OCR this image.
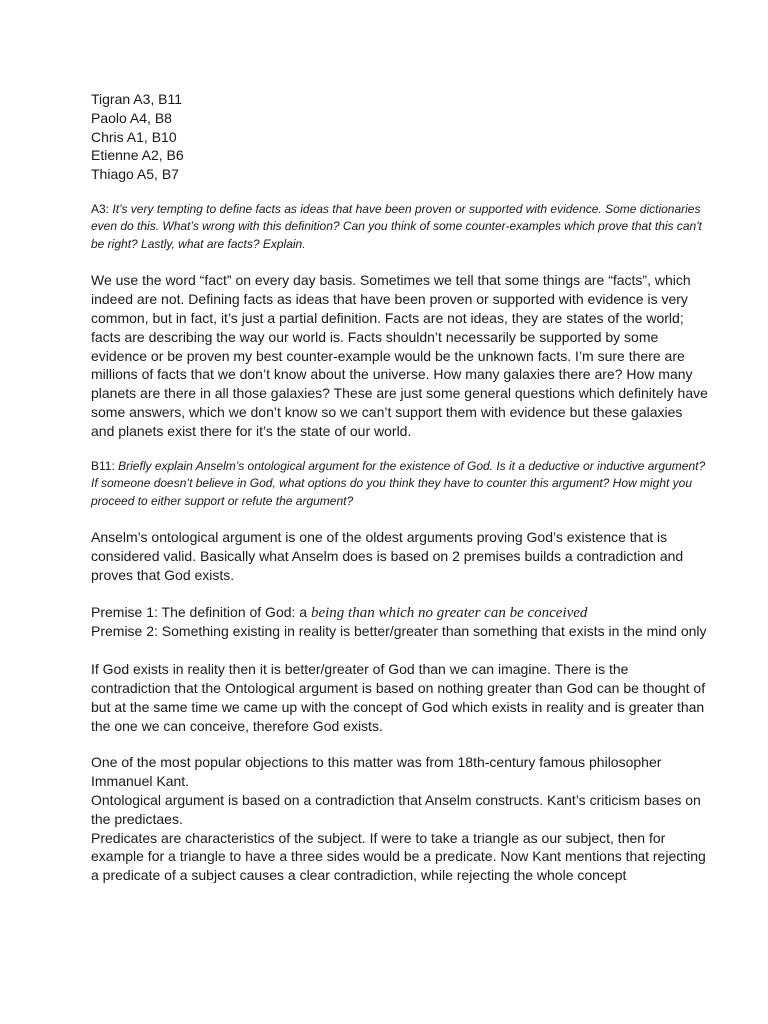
Tigran A3, B11

Paolo A4, B8

Chris A1, B10

Etienne A2, B6

Thiago A5, B7

A3: It’s very tempting to define facts as ideas that have been proven or supported with evidence. Some dictionaries even do this. What’s wrong with this definition? Can you think of some counter-examples which prove that this can't be right? Lastly, what are facts? Explain.

We use the word “fact” on every day basis. Sometimes we tell that some things are “facts”, which indeed are not. Defining facts as ideas that have been proven or supported with evidence is very common, but in fact, it’s just a partial definition. Facts are not ideas, they are states of the world; facts are describing the way our world is. Facts shouldn’t necessarily be supported by some evidence or be proven my best counter-example would be the unknown facts. I’m sure there are millions of facts that we don’t know about the universe. How many galaxies there are? How many planets are there in all those galaxies? These are just some general questions which definitely have some answers, which we don’t know so we can’t support them with evidence but these galaxies and planets exist there for it’s the state of our world.

B11: Briefly explain Anselm’s ontological argument for the existence of God. Is it a deductive or inductive argument? If someone doesn’t believe in God, what options do you think they have to counter this argument? How might you proceed to either support or refute the argument?

Anselm’s ontological argument is one of the oldest arguments proving God’s existence that is considered valid. Basically what Anselm does is based on 2 premises builds a contradiction and proves that God exists.

Premise 1: The definition of God: a being than which no greater can be conceived

Premise 2: Something existing in reality is better/greater than something that exists in the mind only

If God exists in reality then it is better/greater of God than we can imagine. There is the contradiction that the Ontological argument is based on nothing greater than God can be thought of but at the same time we came up with the concept of God which exists in reality and is greater than the one we can conceive, therefore God exists.

One of the most popular objections to this matter was from 18th-century famous philosopher Immanuel Kant.

Ontological argument is based on a contradiction that Anselm constructs. Kant’s criticism bases on the predictaes.

Predicates are characteristics of the subject. If were to take a triangle as our subject, then for example for a triangle to have a three sides would be a predicate. Now Kant mentions that rejecting a predicate of a subject causes a clear contradiction, while rejecting the whole concept
